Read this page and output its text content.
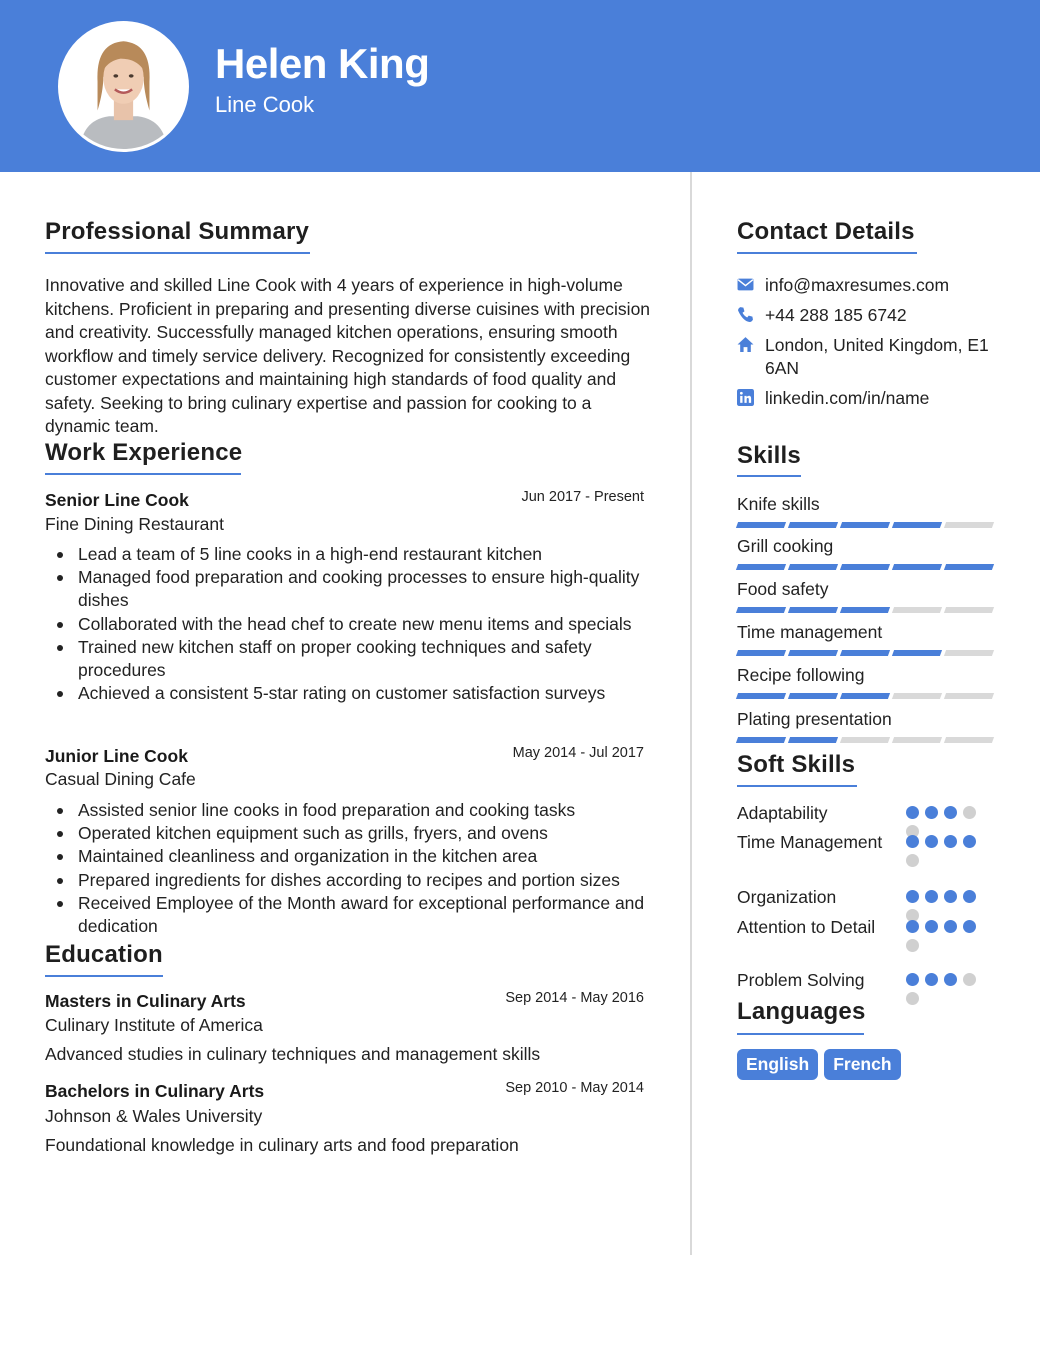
Helen King
Line Cook
Professional Summary
Innovative and skilled Line Cook with 4 years of experience in high-volume kitchens. Proficient in preparing and presenting diverse cuisines with precision and creativity. Successfully managed kitchen operations, ensuring smooth workflow and timely service delivery. Recognized for consistently exceeding customer expectations and maintaining high standards of food quality and safety. Seeking to bring culinary expertise and passion for cooking to a dynamic team.
Work Experience
Senior Line Cook	Jun 2017 - Present
Fine Dining Restaurant
Lead a team of 5 line cooks in a high-end restaurant kitchen
Managed food preparation and cooking processes to ensure high-quality dishes
Collaborated with the head chef to create new menu items and specials
Trained new kitchen staff on proper cooking techniques and safety procedures
Achieved a consistent 5-star rating on customer satisfaction surveys
Junior Line Cook	May 2014 - Jul 2017
Casual Dining Cafe
Assisted senior line cooks in food preparation and cooking tasks
Operated kitchen equipment such as grills, fryers, and ovens
Maintained cleanliness and organization in the kitchen area
Prepared ingredients for dishes according to recipes and portion sizes
Received Employee of the Month award for exceptional performance and dedication
Education
Masters in Culinary Arts	Sep 2014 - May 2016
Culinary Institute of America
Advanced studies in culinary techniques and management skills
Bachelors in Culinary Arts	Sep 2010 - May 2014
Johnson & Wales University
Foundational knowledge in culinary arts and food preparation
Contact Details
info@maxresumes.com
+44 288 185 6742
London, United Kingdom, E1 6AN
linkedin.com/in/name
Skills
Knife skills
Grill cooking
Food safety
Time management
Recipe following
Plating presentation
Soft Skills
Adaptability
Time Management
Organization
Attention to Detail
Problem Solving
Languages
English	French
